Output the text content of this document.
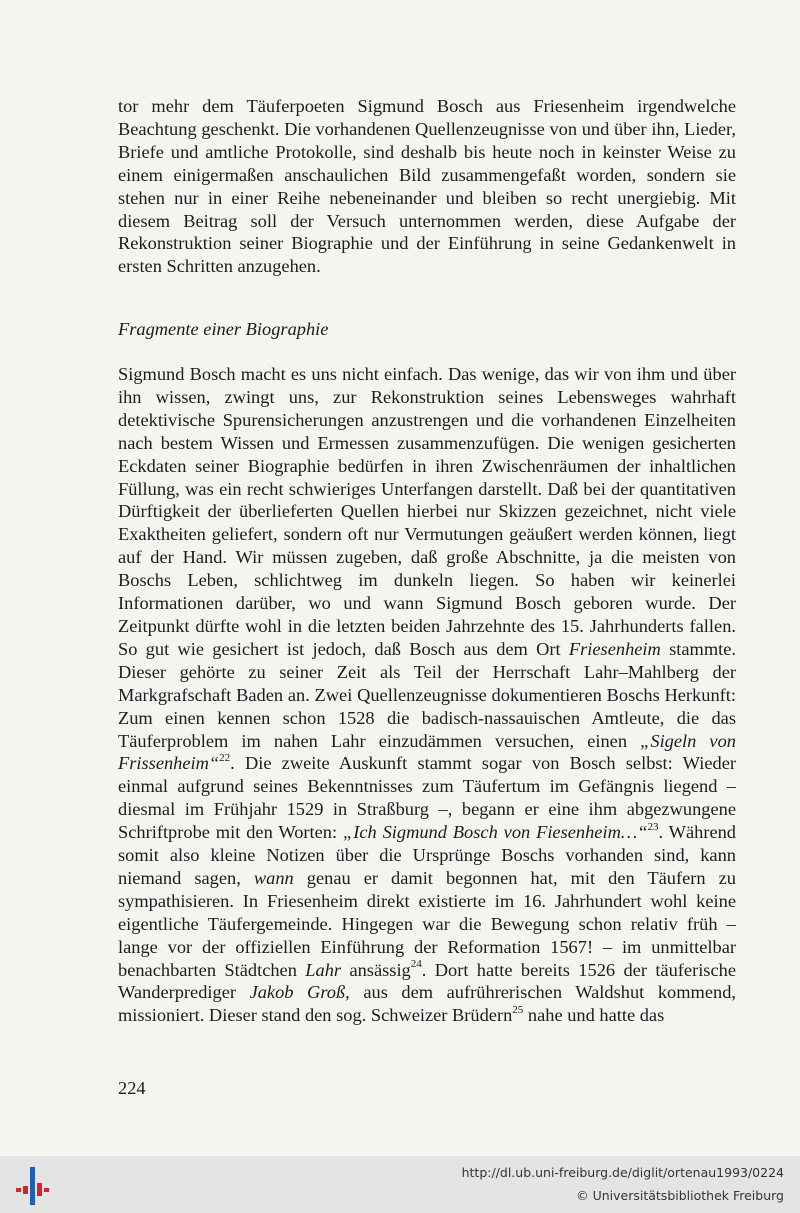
tor mehr dem Täuferpoeten Sigmund Bosch aus Friesenheim irgendwelche Beachtung geschenkt. Die vorhandenen Quellenzeugnisse von und über ihn, Lieder, Briefe und amtliche Protokolle, sind deshalb bis heute noch in keinster Weise zu einem einigermaßen anschaulichen Bild zusammengefaßt worden, sondern sie stehen nur in einer Reihe nebeneinander und bleiben so recht unergiebig. Mit diesem Beitrag soll der Versuch unternommen werden, diese Aufgabe der Rekonstruktion seiner Biographie und der Einführung in seine Gedankenwelt in ersten Schritten anzugehen.

Fragmente einer Biographie

Sigmund Bosch macht es uns nicht einfach. Das wenige, das wir von ihm und über ihn wissen, zwingt uns, zur Rekonstruktion seines Lebensweges wahrhaft detektivische Spurensicherungen anzustrengen und die vorhandenen Einzelheiten nach bestem Wissen und Ermessen zusammenzufügen. Die wenigen gesicherten Eckdaten seiner Biographie bedürfen in ihren Zwischenräumen der inhaltlichen Füllung, was ein recht schwieriges Unterfangen darstellt. Daß bei der quantitativen Dürftigkeit der überlieferten Quellen hierbei nur Skizzen gezeichnet, nicht viele Exaktheiten geliefert, sondern oft nur Vermutungen geäußert werden können, liegt auf der Hand. Wir müssen zugeben, daß große Abschnitte, ja die meisten von Boschs Leben, schlichtweg im dunkeln liegen. So haben wir keinerlei Informationen darüber, wo und wann Sigmund Bosch geboren wurde. Der Zeitpunkt dürfte wohl in die letzten beiden Jahrzehnte des 15. Jahrhunderts fallen. So gut wie gesichert ist jedoch, daß Bosch aus dem Ort Friesenheim stammte. Dieser gehörte zu seiner Zeit als Teil der Herrschaft Lahr–Mahlberg der Markgrafschaft Baden an. Zwei Quellenzeugnisse dokumentieren Boschs Herkunft: Zum einen kennen schon 1528 die badisch-nassauischen Amtleute, die das Täuferproblem im nahen Lahr einzudämmen versuchen, einen „Sigeln von Frissenheim“$^{22}$. Die zweite Auskunft stammt sogar von Bosch selbst: Wieder einmal aufgrund seines Bekenntnisses zum Täufertum im Gefängnis liegend – diesmal im Frühjahr 1529 in Straßburg –, begann er eine ihm abgezwungene Schriftprobe mit den Worten: „Ich Sigmund Bosch von Fiesenheim…“$^{23}$. Während somit also kleine Notizen über die Ursprünge Boschs vorhanden sind, kann niemand sagen, wann genau er damit begonnen hat, mit den Täufern zu sympathisieren. In Friesenheim direkt existierte im 16. Jahrhundert wohl keine eigentliche Täufergemeinde. Hingegen war die Bewegung schon relativ früh – lange vor der offiziellen Einführung der Reformation 1567! – im unmittelbar benachbarten Städtchen Lahr ansässig$^{24}$. Dort hatte bereits 1526 der täuferische Wanderprediger Jakob Groß, aus dem aufrührerischen Waldshut kommend, missioniert. Dieser stand den sog. Schweizer Brüdern$^{25}$ nahe und hatte das

224
http://dl.ub.uni-freiburg.de/diglit/ortenau1993/0224
© Universitätsbibliothek Freiburg
